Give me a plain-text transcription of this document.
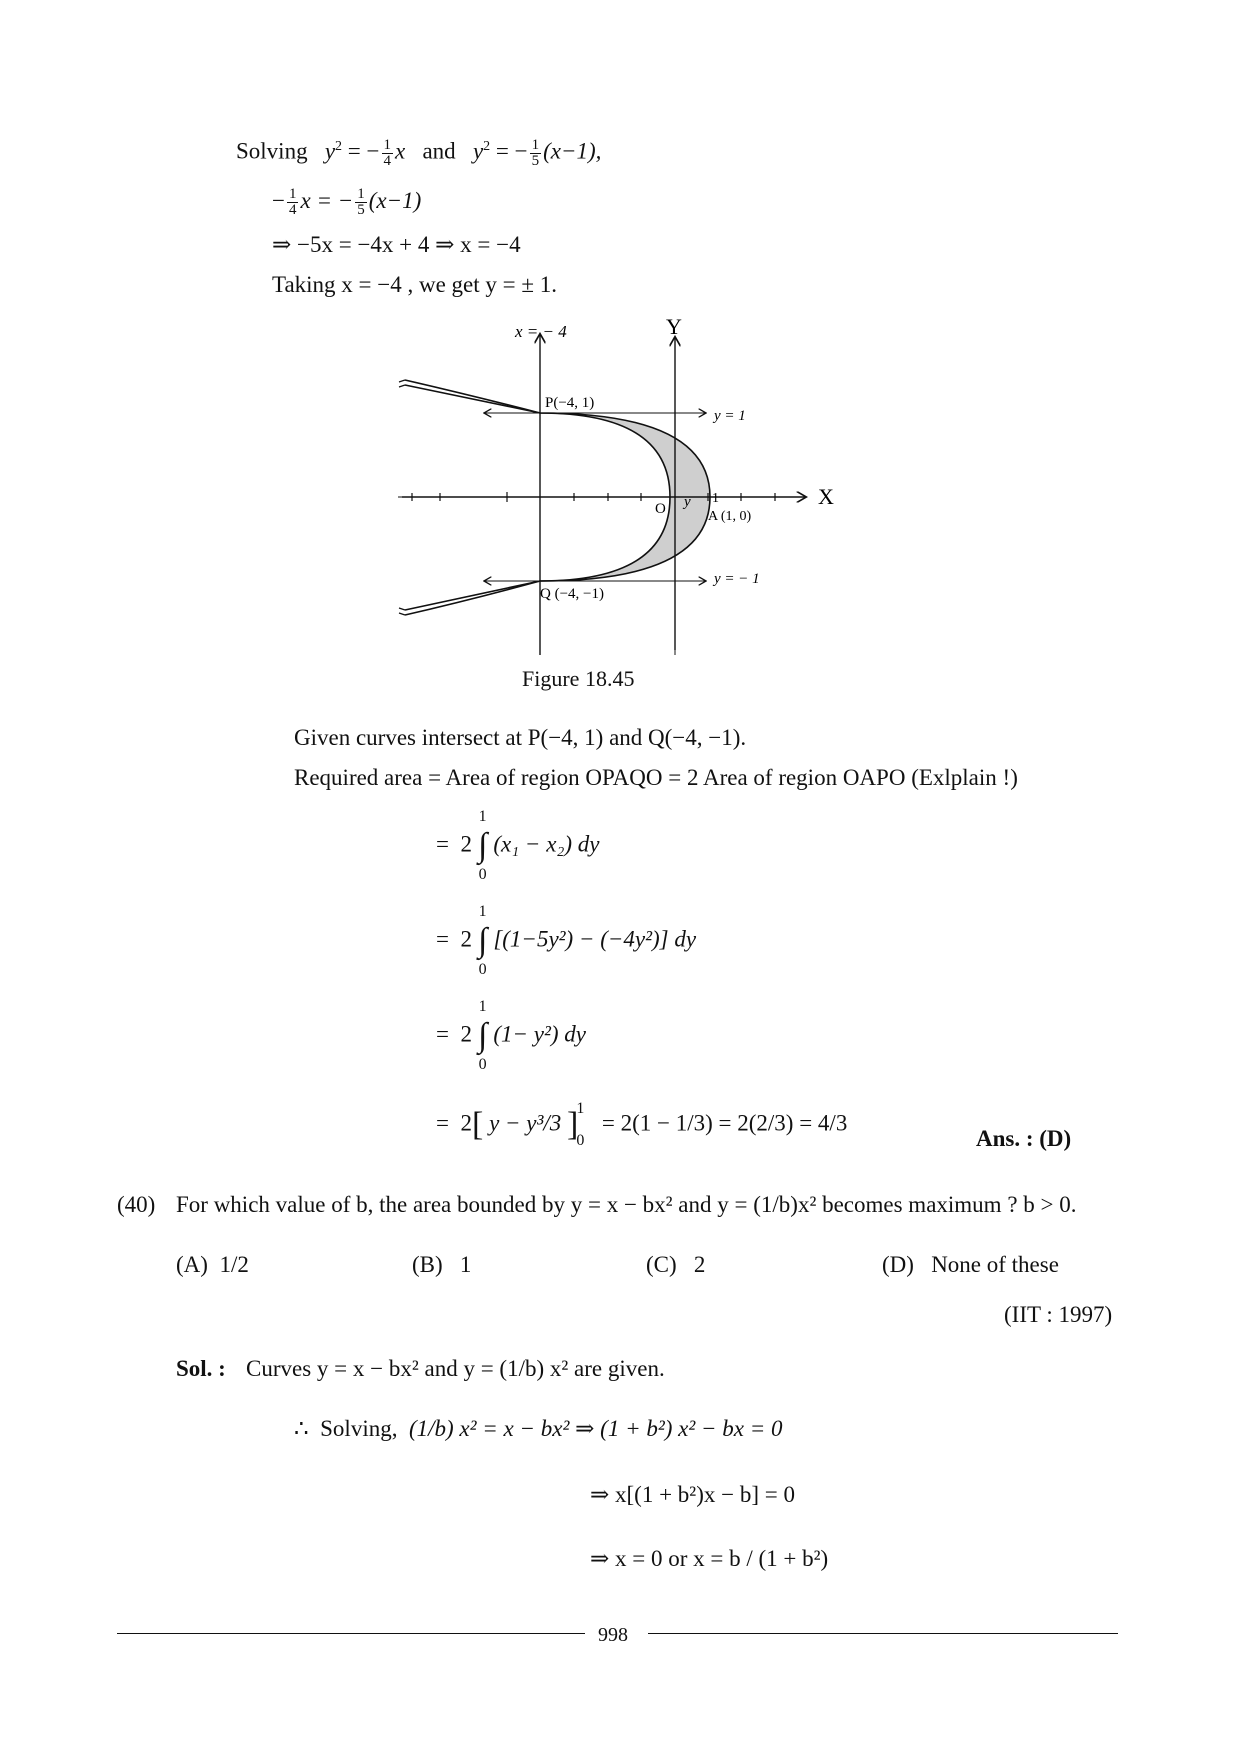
Solving $y^2$ = − $\frac{1}{4}$ x and $y^2$ = − $\frac{1}{5} (x-1)$,
− $\frac{1}{4}$ x = − $\frac{1}{5} (x-1)$
⇒ −5x = −4x + 4 ⇒ x = −4
Taking x = −4 , we get y = ± 1.
x = − 4	Y
X
P(−4, 1)
Q (−4, −1)
y = 1
y = − 1
O y 1
A (1, 0)
Figure 18.45
Given curves intersect at P(−4, 1) and Q(−4, −1).
Required area = Area of region OPAQO = 2 Area of region OAPO (Exlplain !)
= 2
1
∫
0
(x₁ − x₂) dy
= 2
1
∫
0
[(1−5y²) − (−4y²)] dy
= 2
1
∫
0
(1− y²) dy
= 2[ y − y³/3 ]
1
0
= 2(1 − 1/3) = 2(2/3) = 4/3
Ans. : (D)
(40) For which value of b, the area bounded by y = x − bx² and y = (1/b)x² becomes maximum ? b > 0.
(A) 1/2	(B) 1	(C) 2	(D) None of these
(IIT : 1997)
Sol. : Curves y = x − bx² and y = (1/b) x² are given.
∴ Solving, (1/b) x² = x − bx² ⇒ (1 + b²) x² − bx = 0
⇒ x[(1 + b²)x − b] = 0
⇒ x = 0 or x = b / (1 + b²)
998
